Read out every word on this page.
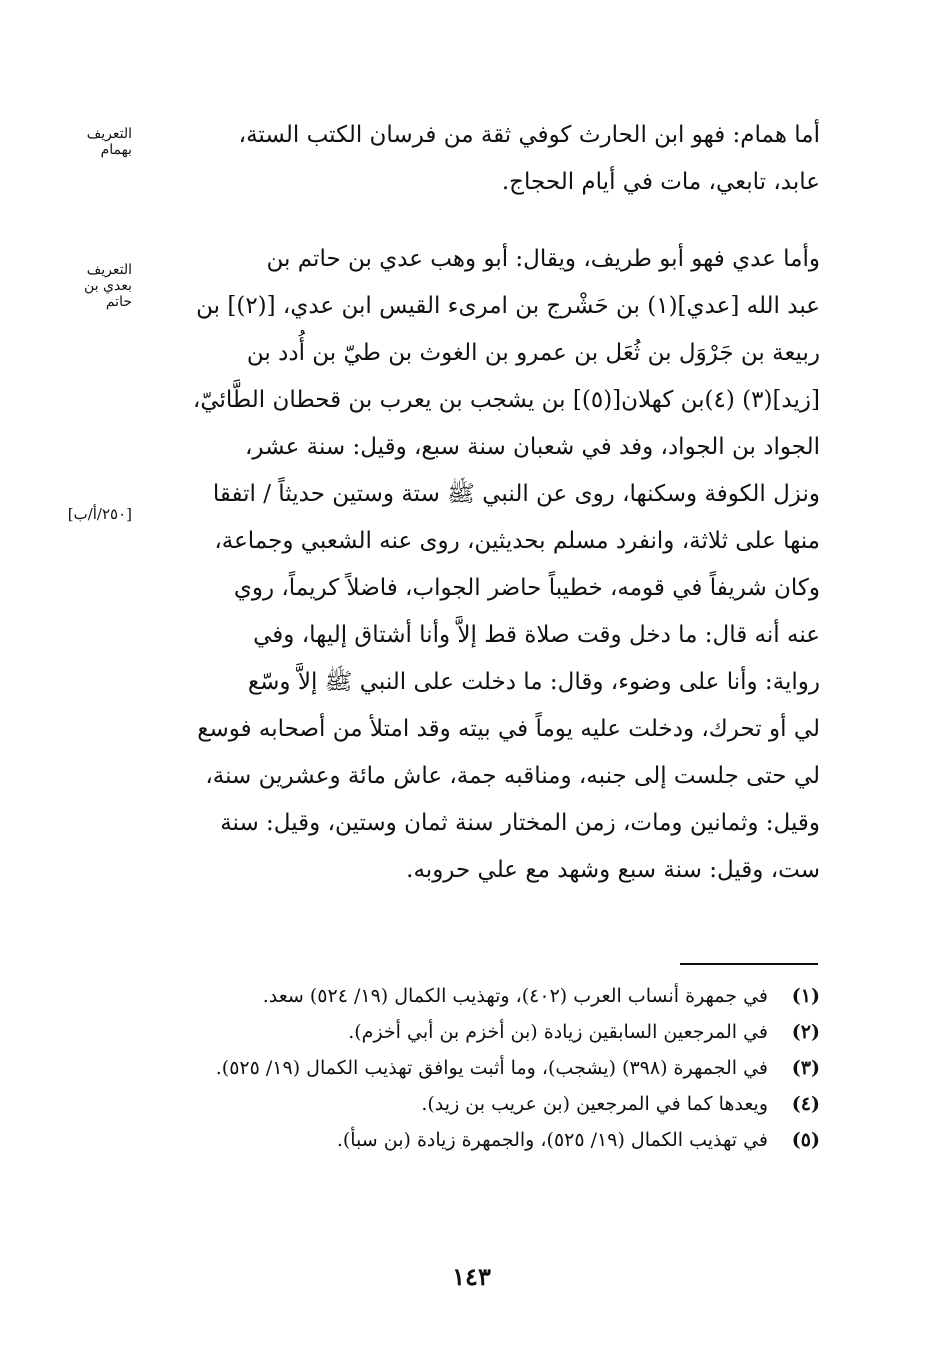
التعريف
بهمام
التعريف
بعدي بن
حاتم
[٢٥٠/أ/ب]
أما همام: فهو ابن الحارث كوفي ثقة من فرسان الكتب الستة،
عابد، تابعي، مات في أيام الحجاج.
وأما عدي فهو أبو طريف، ويقال: أبو وهب عدي بن حاتم بن
عبد الله [عدي](١) بن حَشْرج بن امرىء القيس ابن عدي، [(٢)] بن
ربيعة بن جَرْوَل بن ثُعَل بن عمرو بن الغوث بن طيّ بن أُدد بن
[زيد](٣) (٤)بن كهلان[(٥)] بن يشجب بن يعرب بن قحطان الطَّائيّ،
الجواد بن الجواد، وفد في شعبان سنة سبع، وقيل: سنة عشر،
ونزل الكوفة وسكنها، روى عن النبي ﷺ ستة وستين حديثاً / اتفقا
منها على ثلاثة، وانفرد مسلم بحديثين، روى عنه الشعبي وجماعة،
وكان شريفاً في قومه، خطيباً حاضر الجواب، فاضلاً كريماً، روي
عنه أنه قال: ما دخل وقت صلاة قط إلاَّ وأنا أشتاق إليها، وفي
رواية: وأنا على وضوء، وقال: ما دخلت على النبي ﷺ إلاَّ وسّع
لي أو تحرك، ودخلت عليه يوماً في بيته وقد امتلأ من أصحابه فوسع
لي حتى جلست إلى جنبه، ومناقبه جمة، عاش مائة وعشرين سنة،
وقيل: وثمانين ومات، زمن المختار سنة ثمان وستين، وقيل: سنة
ست، وقيل: سنة سبع وشهد مع علي حروبه.
(١)
في جمهرة أنساب العرب (٤٠٢)، وتهذيب الكمال (١٩/ ٥٢٤) سعد.
(٢)
في المرجعين السابقين زيادة (بن أخزم بن أبي أخزم).
(٣)
في الجمهرة (٣٩٨) (يشجب)، وما أثبت يوافق تهذيب الكمال (١٩/ ٥٢٥).
(٤)
ويعدها كما في المرجعين (بن عريب بن زيد).
(٥)
في تهذيب الكمال (١٩/ ٥٢٥)، والجمهرة زيادة (بن سبأ).
١٤٣
